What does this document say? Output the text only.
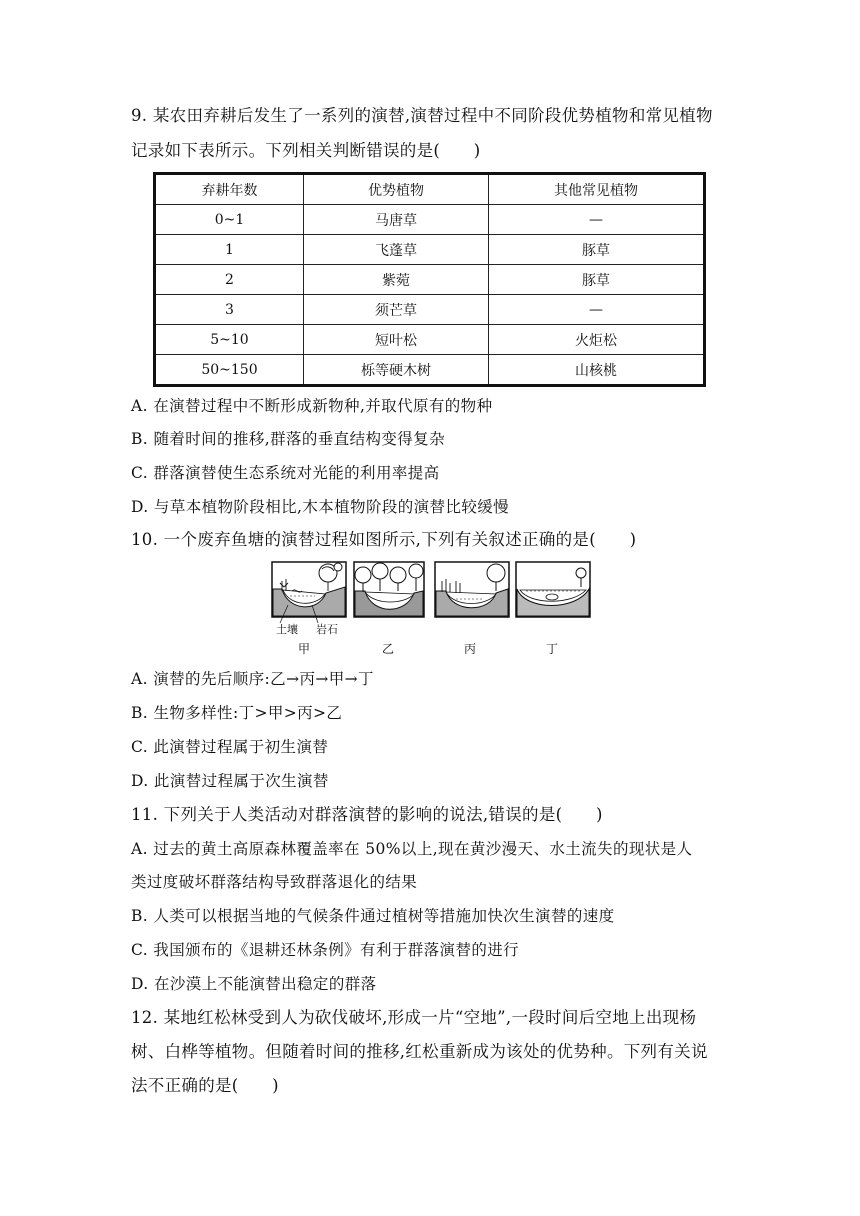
9. 某农田弃耕后发生了一系列的演替,演替过程中不同阶段优势植物和常见植物
记录如下表所示。下列相关判断错误的是(　　)
弃耕年数	优势植物	其他常见植物
0~1	马唐草	—
1	飞蓬草	豚草
2	紫菀	豚草
3	须芒草	—
5~10	短叶松	火炬松
50~150	栎等硬木树	山核桃
A. 在演替过程中不断形成新物种,并取代原有的物种
B. 随着时间的推移,群落的垂直结构变得复杂
C. 群落演替使生态系统对光能的利用率提高
D. 与草本植物阶段相比,木本植物阶段的演替比较缓慢
10. 一个废弃鱼塘的演替过程如图所示,下列有关叙述正确的是(　　)
土壤 岩石
甲	乙	丙	丁
A. 演替的先后顺序:乙→丙→甲→丁
B. 生物多样性:丁>甲>丙>乙
C. 此演替过程属于初生演替
D. 此演替过程属于次生演替
11. 下列关于人类活动对群落演替的影响的说法,错误的是(　　)
A. 过去的黄土高原森林覆盖率在 50%以上,现在黄沙漫天、水土流失的现状是人
类过度破坏群落结构导致群落退化的结果
B. 人类可以根据当地的气候条件通过植树等措施加快次生演替的速度
C. 我国颁布的《退耕还林条例》有利于群落演替的进行
D. 在沙漠上不能演替出稳定的群落
12. 某地红松林受到人为砍伐破坏,形成一片“空地”,一段时间后空地上出现杨
树、白桦等植物。但随着时间的推移,红松重新成为该处的优势种。下列有关说
法不正确的是(　　)
